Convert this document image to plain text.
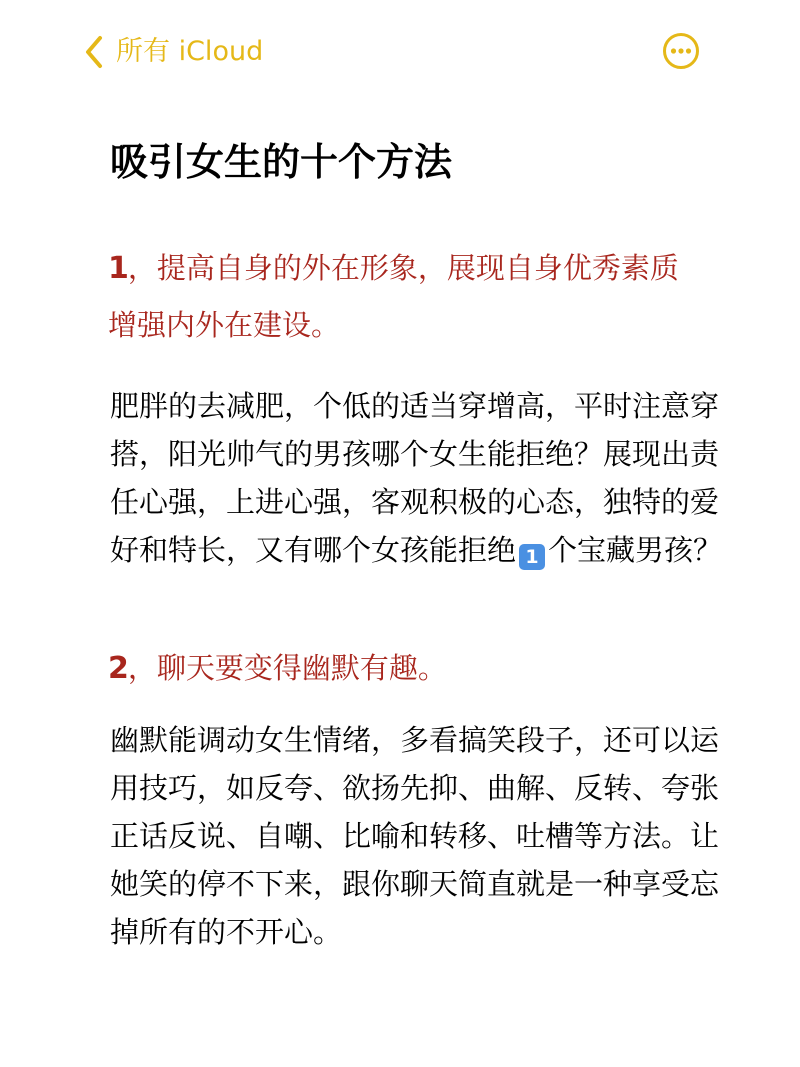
所有 iCloud
吸引女生的十个方法
1，提高自身的外在形象，展现自身优秀素质
增强内外在建设。
肥胖的去减肥，个低的适当穿增高，平时注意穿
搭，阳光帅气的男孩哪个女生能拒绝？展现出责
任心强，上进心强，客观积极的心态，独特的爱
好和特长，又有哪个女孩能拒绝 1 个宝藏男孩？
2，聊天要变得幽默有趣。
幽默能调动女生情绪，多看搞笑段子，还可以运
用技巧，如反夸、欲扬先抑、曲解、反转、夸张
正话反说、自嘲、比喻和转移、吐槽等方法。让
她笑的停不下来，跟你聊天简直就是一种享受忘
掉所有的不开心。
